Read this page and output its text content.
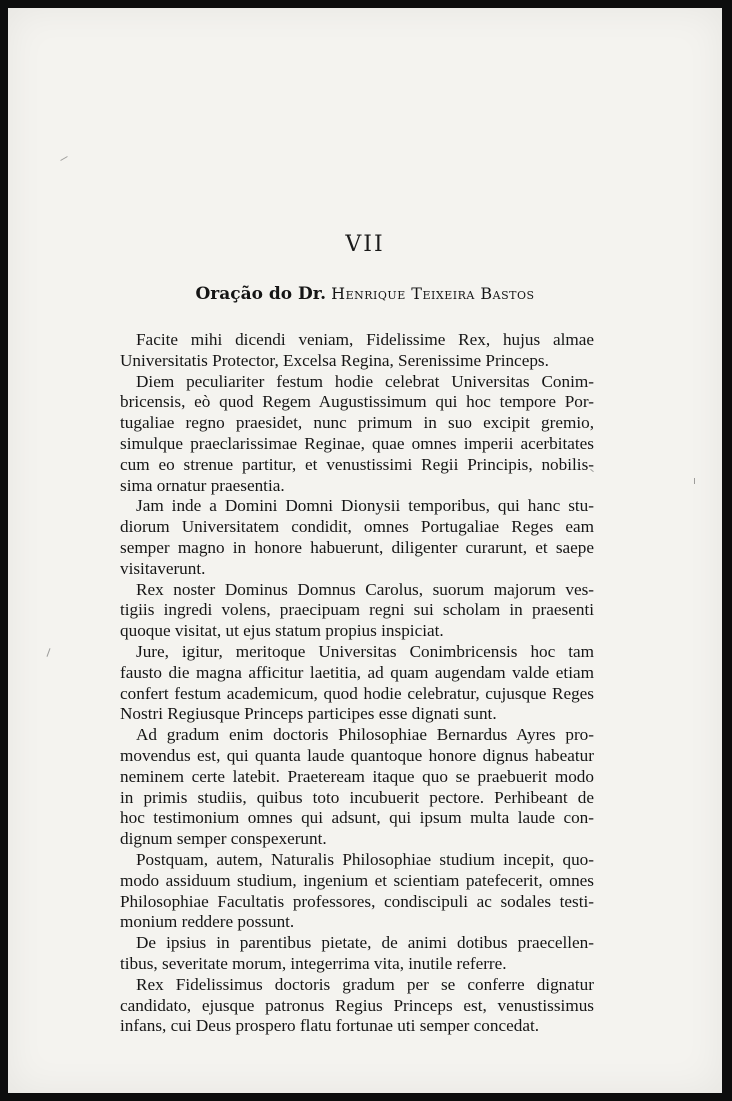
VII
Oração do Dr. Henrique Teixeira Bastos
Facite mihi dicendi veniam, Fidelissime Rex, hujus almae
Universitatis Protector, Excelsa Regina, Serenissime Princeps.
Diem peculiariter festum hodie celebrat Universitas Conim-
bricensis, eò quod Regem Augustissimum qui hoc tempore Por-
tugaliae regno praesidet, nunc primum in suo excipit gremio,
simulque praeclarissimae Reginae, quae omnes imperii acerbitates
cum eo strenue partitur, et venustissimi Regii Principis, nobilis-
sima ornatur praesentia.
Jam inde a Domini Domni Dionysii temporibus, qui hanc stu-
diorum Universitatem condidit, omnes Portugaliae Reges eam
semper magno in honore habuerunt, diligenter curarunt, et saepe
visitaverunt.
Rex noster Dominus Domnus Carolus, suorum majorum ves-
tigiis ingredi volens, praecipuam regni sui scholam in praesenti
quoque visitat, ut ejus statum propius inspiciat.
Jure, igitur, meritoque Universitas Conimbricensis hoc tam
fausto die magna afficitur laetitia, ad quam augendam valde etiam
confert festum academicum, quod hodie celebratur, cujusque Reges
Nostri Regiusque Princeps participes esse dignati sunt.
Ad gradum enim doctoris Philosophiae Bernardus Ayres pro-
movendus est, qui quanta laude quantoque honore dignus habeatur
neminem certe latebit. Praeteream itaque quo se praebuerit modo
in primis studiis, quibus toto incubuerit pectore. Perhibeant de
hoc testimonium omnes qui adsunt, qui ipsum multa laude con-
dignum semper conspexerunt.
Postquam, autem, Naturalis Philosophiae studium incepit, quo-
modo assiduum studium, ingenium et scientiam patefecerit, omnes
Philosophiae Facultatis professores, condiscipuli ac sodales testi-
monium reddere possunt.
De ipsius in parentibus pietate, de animi dotibus praecellen-
tibus, severitate morum, integerrima vita, inutile referre.
Rex Fidelissimus doctoris gradum per se conferre dignatur
candidato, ejusque patronus Regius Princeps est, venustissimus
infans, cui Deus prospero flatu fortunae uti semper concedat.
